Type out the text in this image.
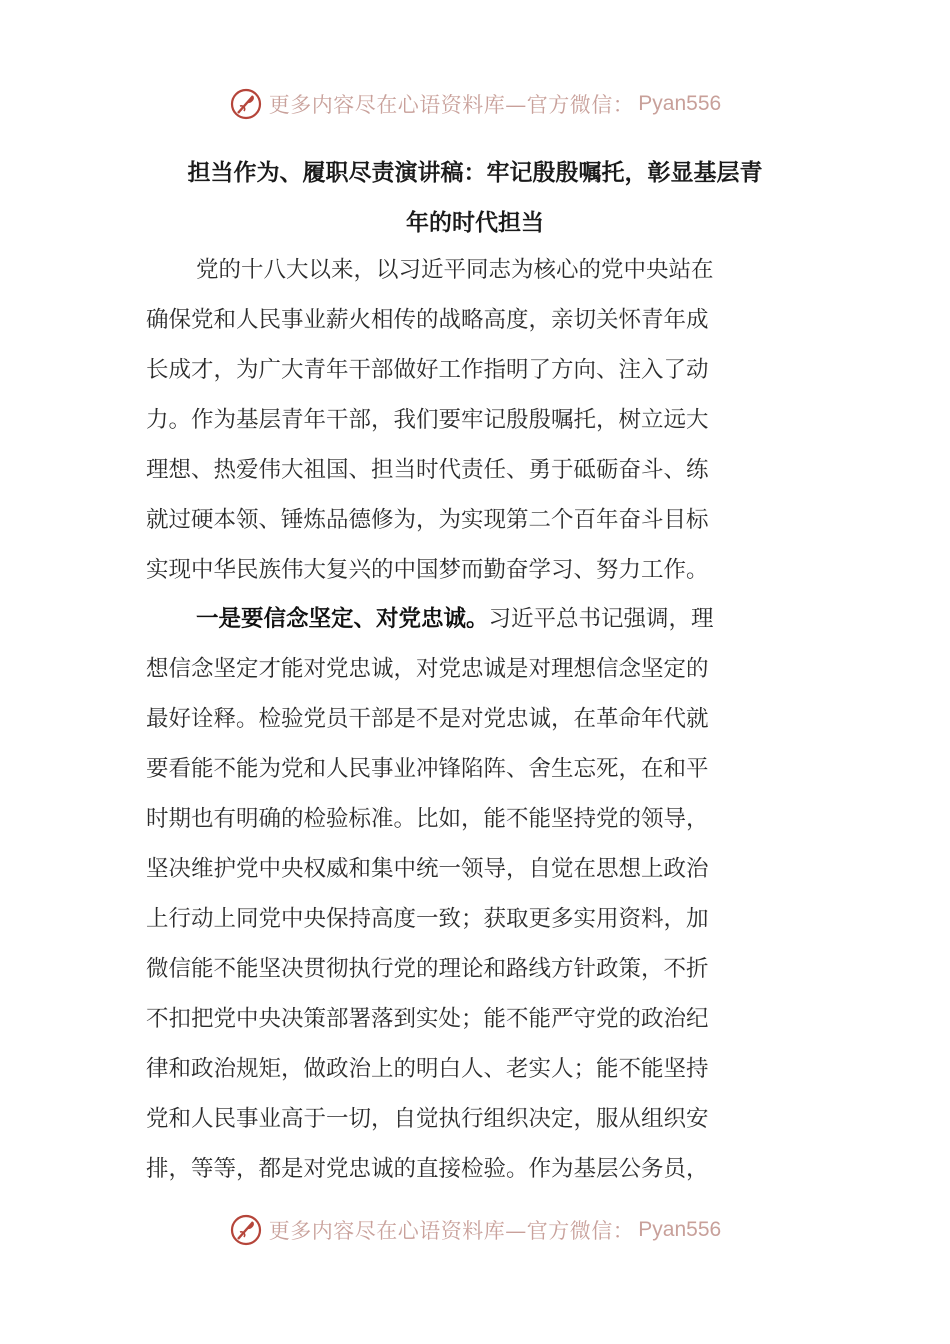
更多内容尽在心语资料库—官方微信： Pyan556
担当作为、履职尽责演讲稿：牢记殷殷嘱托，彰显基层青
年的时代担当
党的十八大以来，以习近平同志为核心的党中央站在
确保党和人民事业薪火相传的战略高度，亲切关怀青年成
长成才，为广大青年干部做好工作指明了方向、注入了动
力。作为基层青年干部，我们要牢记殷殷嘱托，树立远大
理想、热爱伟大祖国、担当时代责任、勇于砥砺奋斗、练
就过硬本领、锤炼品德修为，为实现第二个百年奋斗目标
实现中华民族伟大复兴的中国梦而勤奋学习、努力工作。
一是要信念坚定、对党忠诚。习近平总书记强调，理
想信念坚定才能对党忠诚，对党忠诚是对理想信念坚定的
最好诠释。检验党员干部是不是对党忠诚，在革命年代就
要看能不能为党和人民事业冲锋陷阵、舍生忘死，在和平
时期也有明确的检验标准。比如，能不能坚持党的领导，
坚决维护党中央权威和集中统一领导，自觉在思想上政治
上行动上同党中央保持高度一致；获取更多实用资料，加
微信能不能坚决贯彻执行党的理论和路线方针政策，不折
不扣把党中央决策部署落到实处；能不能严守党的政治纪
律和政治规矩，做政治上的明白人、老实人；能不能坚持
党和人民事业高于一切，自觉执行组织决定，服从组织安
排，等等，都是对党忠诚的直接检验。作为基层公务员，
更多内容尽在心语资料库—官方微信： Pyan556
